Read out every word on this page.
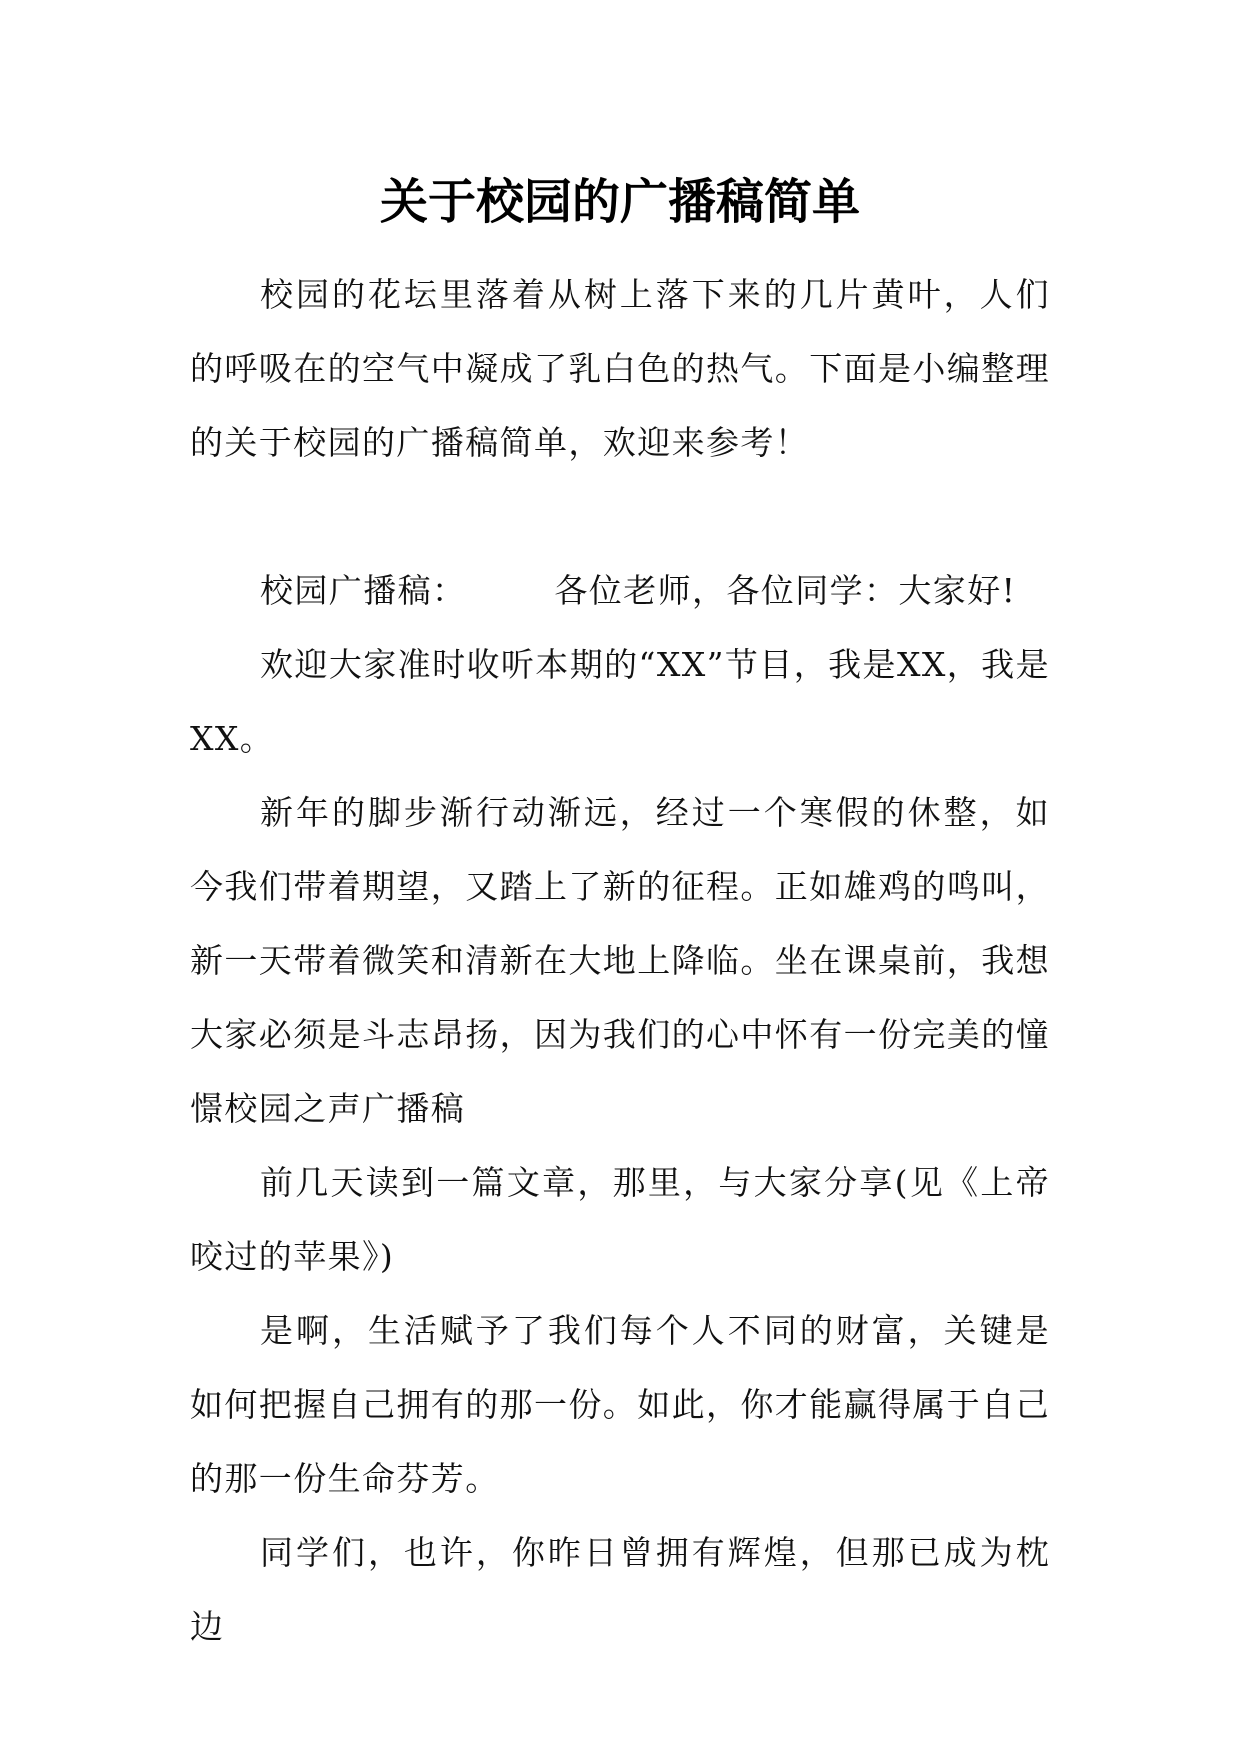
关于校园的广播稿简单

校园的花坛里落着从树上落下来的几片黄叶，人们的呼吸在的空气中凝成了乳白色的热气。下面是小编整理的关于校园的广播稿简单，欢迎来参考！

校园广播稿：	各位老师，各位同学：大家好!

欢迎大家准时收听本期的“XX”节目，我是XX，我是XX。

新年的脚步渐行动渐远，经过一个寒假的休整，如今我们带着期望，又踏上了新的征程。正如雄鸡的鸣叫，新一天带着微笑和清新在大地上降临。坐在课桌前，我想大家必须是斗志昂扬，因为我们的心中怀有一份完美的憧憬校园之声广播稿

前几天读到一篇文章，那里，与大家分享(见《上帝咬过的苹果》)

是啊，生活赋予了我们每个人不同的财富，关键是如何把握自己拥有的那一份。如此，你才能赢得属于自己的那一份生命芬芳。

同学们，也许，你昨日曾拥有辉煌，但那已成为枕边
